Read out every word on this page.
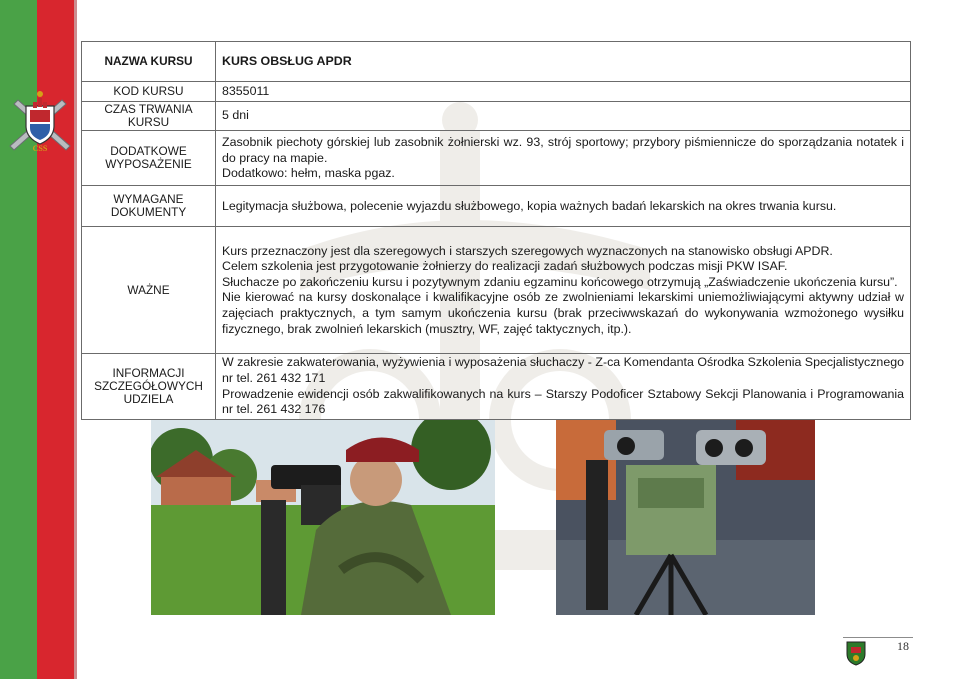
CSS
NAZWA KURSU	KURS OBSŁUG APDR

KOD KURSU	8355011

CZAS TRWANIA KURSU	5 dni

DODATKOWE WYPOSAŻENIE	Zasobnik piechoty górskiej lub zasobnik żołnierski wz. 93, strój sportowy; przybory piśmiennicze do sporządzania notatek i do pracy na mapie.

Dodatkowo: hełm, maska pgaz.

WYMAGANE DOKUMENTY	Legitymacja służbowa, polecenie wyjazdu służbowego, kopia ważnych badań lekarskich na okres trwania kursu.

WAŻNE	Kurs przeznaczony jest dla szeregowych i starszych szeregowych wyznaczonych na stanowisko obsługi APDR.

Celem szkolenia jest przygotowanie żołnierzy do realizacji zadań służbowych podczas misji PKW ISAF.

Słuchacze po zakończeniu kursu i pozytywnym zdaniu egzaminu końcowego otrzymują „Zaświadczenie ukończenia kursu”.

Nie kierować na kursy doskonalące i kwalifikacyjne osób ze zwolnieniami lekarskimi uniemożliwiającymi aktywny udział w zajęciach praktycznych, a tym samym ukończenia kursu (brak przeciwwskazań do wykonywania wzmożonego wysiłku fizycznego, brak zwolnień lekarskich (musztry, WF, zajęć taktycznych, itp.).

INFORMACJI SZCZEGÓŁOWYCH UDZIELA	W zakresie zakwaterowania, wyżywienia i wyposażenia słuchaczy - Z-ca Komendanta Ośrodka Szkolenia Specjalistycznego nr tel. 261 432 171

Prowadzenie ewidencji osób zakwalifikowanych na kurs – Starszy Podoficer Sztabowy Sekcji Planowania i Programowania nr tel. 261 432 176

18
